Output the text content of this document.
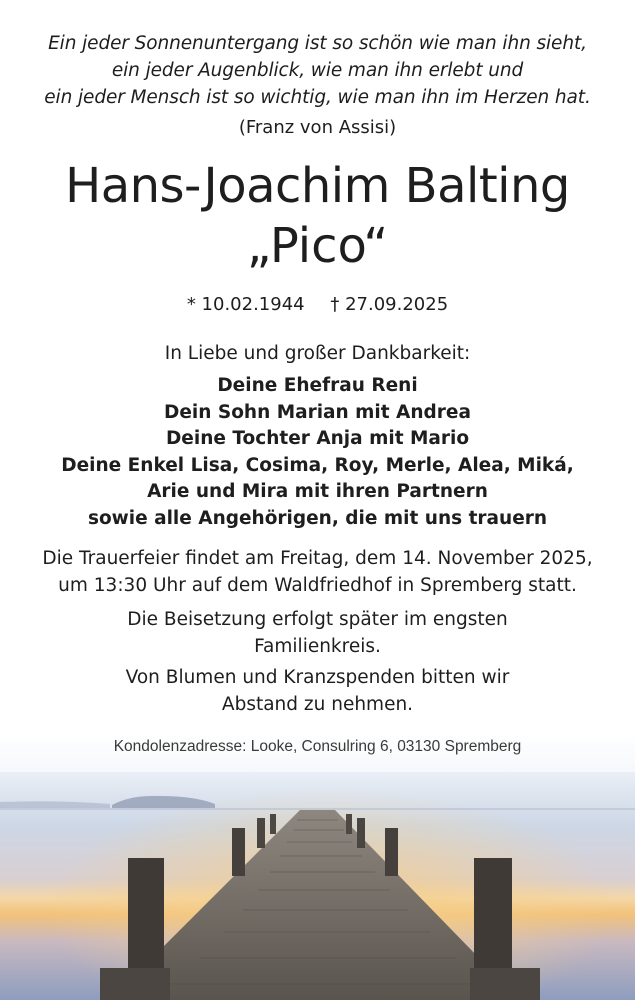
Ein jeder Sonnenuntergang ist so schön wie man ihn sieht,
ein jeder Augenblick, wie man ihn erlebt und
ein jeder Mensch ist so wichtig, wie man ihn im Herzen hat.
(Franz von Assisi)
Hans-Joachim Balting
„Pico“
* 10.02.1944 † 27.09.2025
In Liebe und großer Dankbarkeit:
Deine Ehefrau Reni
Dein Sohn Marian mit Andrea
Deine Tochter Anja mit Mario
Deine Enkel Lisa, Cosima, Roy, Merle, Alea, Miká,
Arie und Mira mit ihren Partnern
sowie alle Angehörigen, die mit uns trauern
Die Trauerfeier findet am Freitag, dem 14. November 2025,
um 13:30 Uhr auf dem Waldfriedhof in Spremberg statt.
Die Beisetzung erfolgt später im engsten
Familienkreis.
Von Blumen und Kranzspenden bitten wir
Abstand zu nehmen.
Kondolenzadresse: Looke, Consulring 6, 03130 Spremberg
